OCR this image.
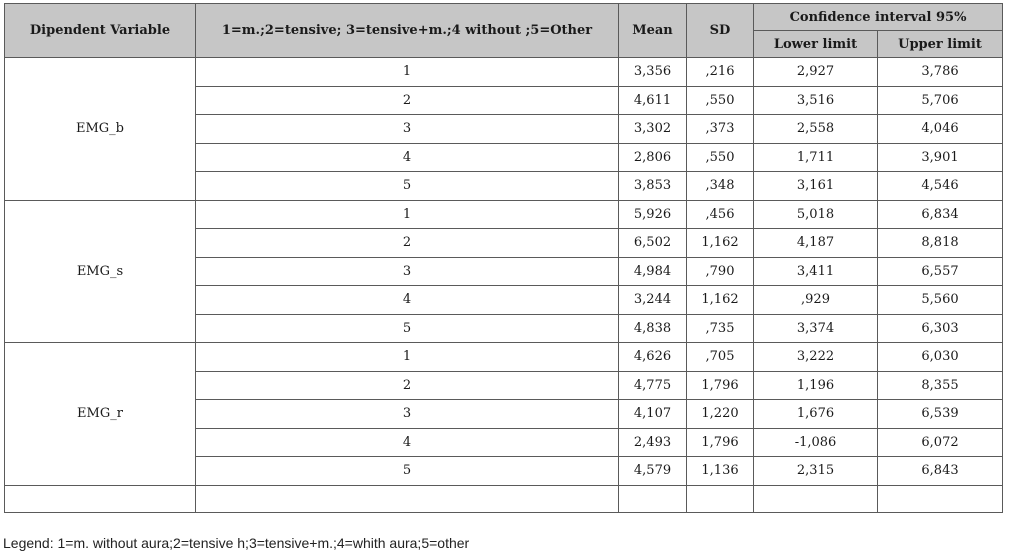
Dipendent Variable	1=m.;2=tensive; 3=tensive+m.;4 without ;5=Other	Mean	SD	Confidence interval 95%	
				Lower limit	Upper limit
EMG_b	1	3,356	,216	2,927	3,786
	2	4,611	,550	3,516	5,706
	3	3,302	,373	2,558	4,046
	4	2,806	,550	1,711	3,901
	5	3,853	,348	3,161	4,546
EMG_s	1	5,926	,456	5,018	6,834
	2	6,502	1,162	4,187	8,818
	3	4,984	,790	3,411	6,557
	4	3,244	1,162	,929	5,560
	5	4,838	,735	3,374	6,303
EMG_r	1	4,626	,705	3,222	6,030
	2	4,775	1,796	1,196	8,355
	3	4,107	1,220	1,676	6,539
	4	2,493	1,796	-1,086	6,072
	5	4,579	1,136	2,315	6,843

Legend: 1=m. without aura;2=tensive h;3=tensive+m.;4=whith aura;5=other
